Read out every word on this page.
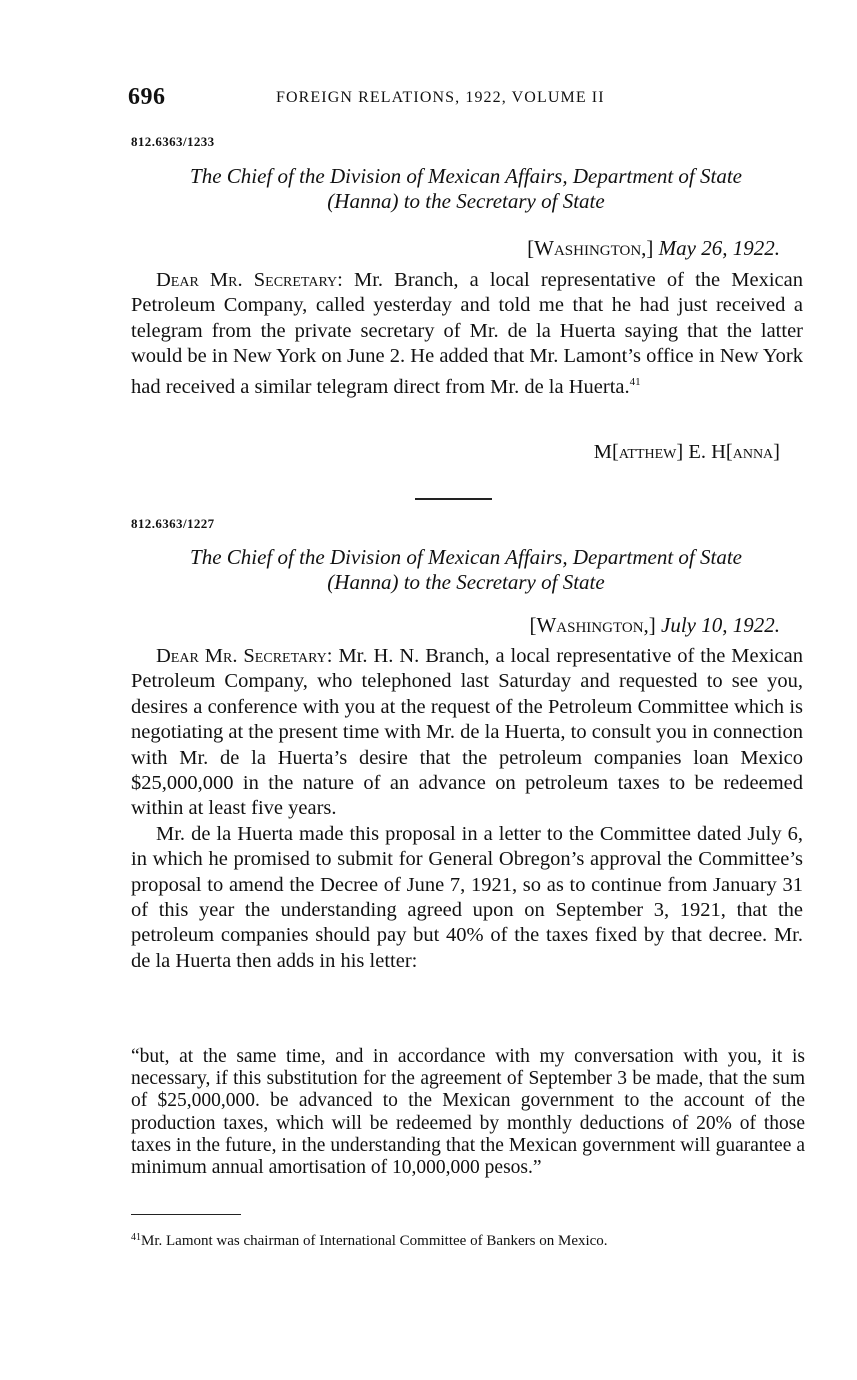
696	FOREIGN RELATIONS, 1922, VOLUME II
812.6363/1233
The Chief of the Division of Mexican Affairs, Department of State
(Hanna) to the Secretary of State
[Washington,] May 26, 1922.

Dear Mr. Secretary: Mr. Branch, a local representative of the Mexican Petroleum Company, called yesterday and told me that he had just received a telegram from the private secretary of Mr. de la Huerta saying that the latter would be in New York on June 2. He added that Mr. Lamont’s office in New York had received a similar telegram direct from Mr. de la Huerta.$^{41}$

M[atthew] E. H[anna]
812.6363/1227
The Chief of the Division of Mexican Affairs, Department of State
(Hanna) to the Secretary of State
[Washington,] July 10, 1922.

Dear Mr. Secretary: Mr. H. N. Branch, a local representative of the Mexican Petroleum Company, who telephoned last Saturday and requested to see you, desires a conference with you at the request of the Petroleum Committee which is negotiating at the present time with Mr. de la Huerta, to consult you in connection with Mr. de la Huerta’s desire that the petroleum companies loan Mexico $25,000,000 in the nature of an advance on petroleum taxes to be redeemed within at least five years.

Mr. de la Huerta made this proposal in a letter to the Committee dated July 6, in which he promised to submit for General Obregon’s approval the Committee’s proposal to amend the Decree of June 7, 1921, so as to continue from January 31 of this year the understanding agreed upon on September 3, 1921, that the petroleum companies should pay but 40% of the taxes fixed by that decree. Mr. de la Huerta then adds in his letter:

“but, at the same time, and in accordance with my conversation with you, it is necessary, if this substitution for the agreement of September 3 be made, that the sum of $25,000,000. be advanced to the Mexican government to the account of the production taxes, which will be redeemed by monthly deductions of 20% of those taxes in the future, in the understanding that the Mexican government will guarantee a minimum annual amortisation of 10,000,000 pesos.”

$^{41}$Mr. Lamont was chairman of International Committee of Bankers on Mexico.
